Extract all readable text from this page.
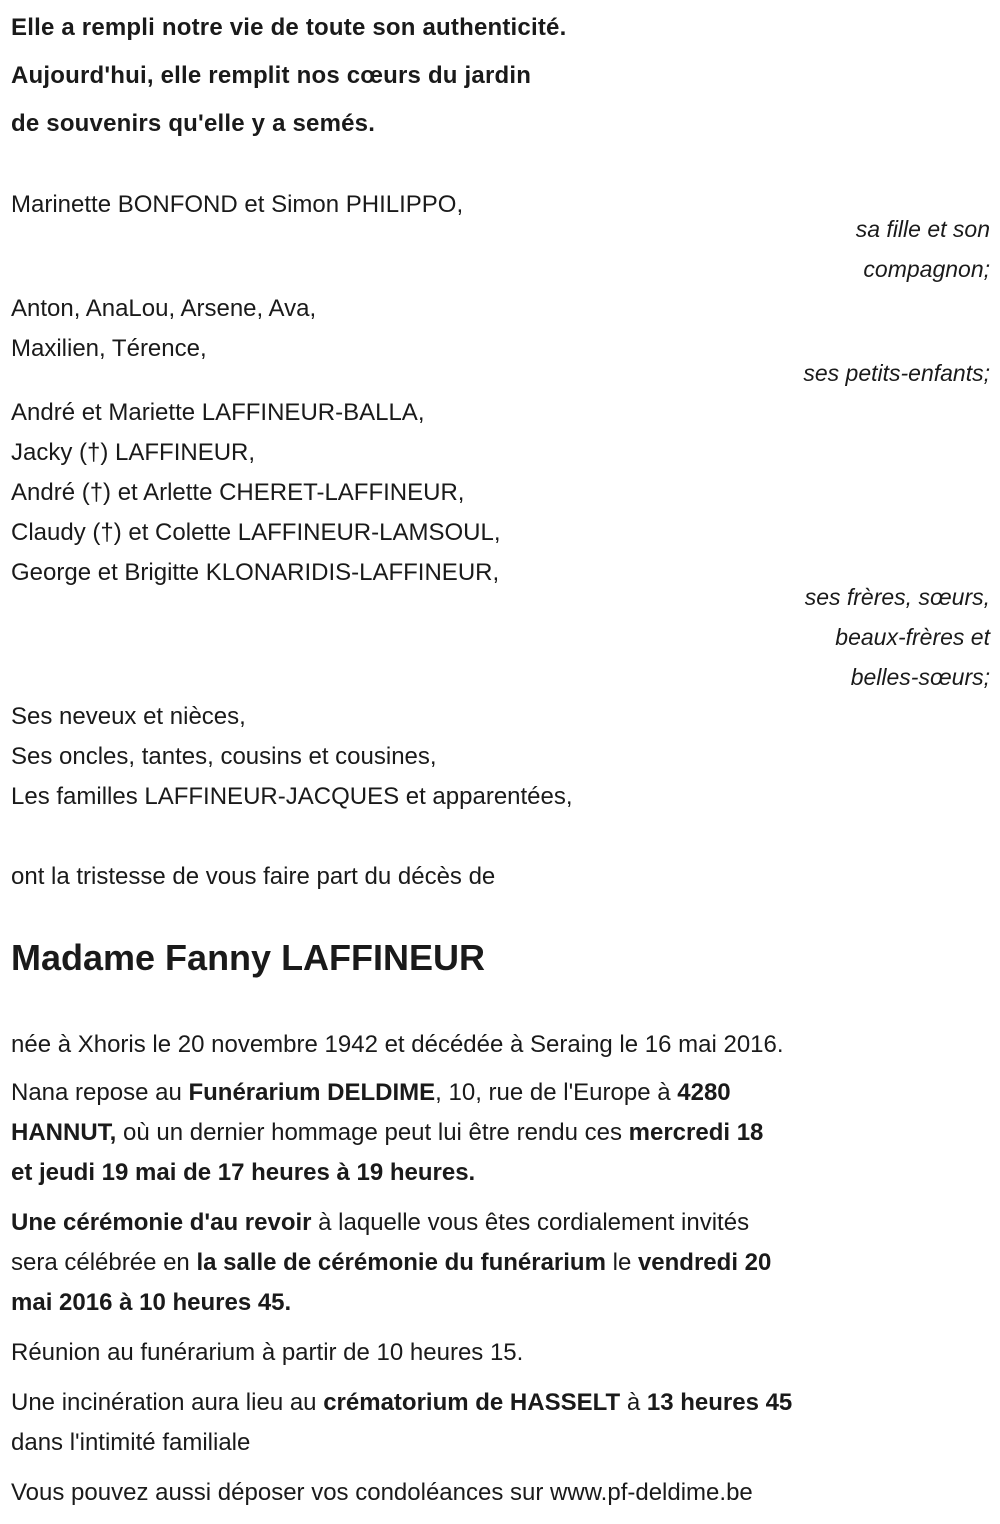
Elle a rempli notre vie de toute son authenticité.
Aujourd'hui, elle remplit nos cœurs du jardin
de souvenirs qu'elle y a semés.
Marinette BONFOND et Simon PHILIPPO,
sa fille et son
compagnon;
Anton, AnaLou, Arsene, Ava,
Maxilien, Térence,
ses petits-enfants;
André et Mariette LAFFINEUR-BALLA,
Jacky (†) LAFFINEUR,
André (†) et Arlette CHERET-LAFFINEUR,
Claudy (†) et Colette LAFFINEUR-LAMSOUL,
George et Brigitte KLONARIDIS-LAFFINEUR,
ses frères, sœurs,
beaux-frères et
belles-sœurs;
Ses neveux et nièces,
Ses oncles, tantes, cousins et cousines,
Les familles LAFFINEUR-JACQUES et apparentées,
ont la tristesse de vous faire part du décès de
Madame Fanny LAFFINEUR
née à Xhoris le 20 novembre 1942 et décédée à Seraing le 16 mai 2016.
Nana repose au Funérarium DELDIME, 10, rue de l'Europe à 4280
HANNUT, où un dernier hommage peut lui être rendu ces mercredi 18
et jeudi 19 mai de 17 heures à 19 heures.
Une cérémonie d'au revoir à laquelle vous êtes cordialement invités
sera célébrée en la salle de cérémonie du funérarium le vendredi 20
mai 2016 à 10 heures 45.
Réunion au funérarium à partir de 10 heures 15.
Une incinération aura lieu au crématorium de HASSELT à 13 heures 45
dans l'intimité familiale
Vous pouvez aussi déposer vos condoléances sur www.pf-deldime.be
